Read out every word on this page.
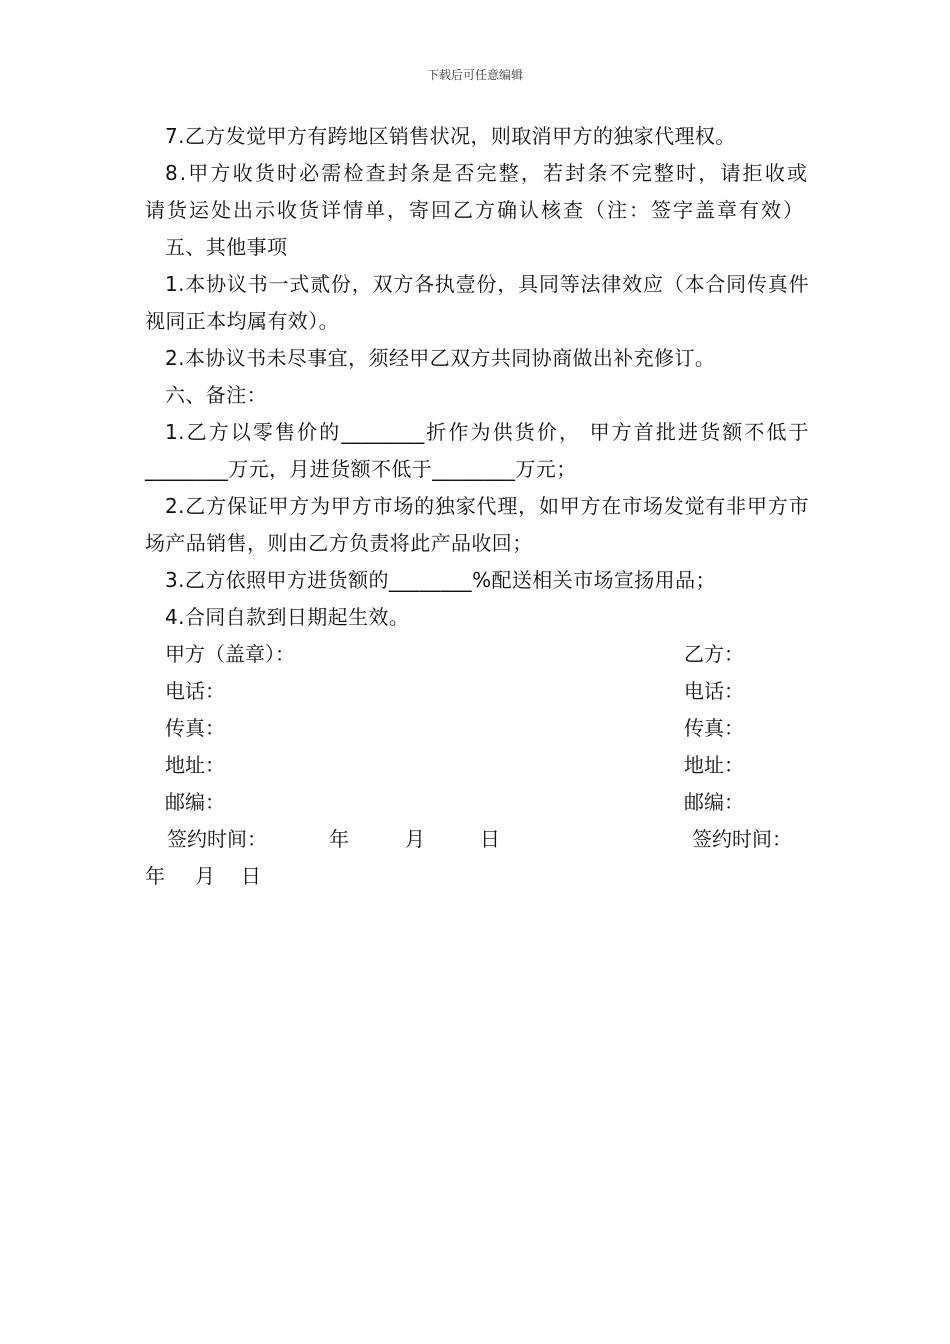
下载后可任意编辑

7.乙方发觉甲方有跨地区销售状况，则取消甲方的独家代理权。

8.甲方收货时必需检查封条是否完整，若封条不完整时，请拒收或请货运处出示收货详情单，寄回乙方确认核查（注：签字盖章有效）

五、其他事项

1.本协议书一式贰份，双方各执壹份，具同等法律效应（本合同传真件视同正本均属有效）。

2.本协议书未尽事宜，须经甲乙双方共同协商做出补充修订。

六、备注：

1.乙方以零售价的________折作为供货价， 甲方首批进货额不低于________万元，月进货额不低于________万元；

2.乙方保证甲方为甲方市场的独家代理，如甲方在市场发觉有非甲方市场产品销售，则由乙方负责将此产品收回；

3.乙方依照甲方进货额的________%配送相关市场宣扬用品；

4.合同自款到日期起生效。

甲方（盖章）：	乙方：
电话：	电话：
传真：	传真：
地址：	地址：
邮编：	邮编：
签约时间：	年	月	日	签约时间：
年 月 日
